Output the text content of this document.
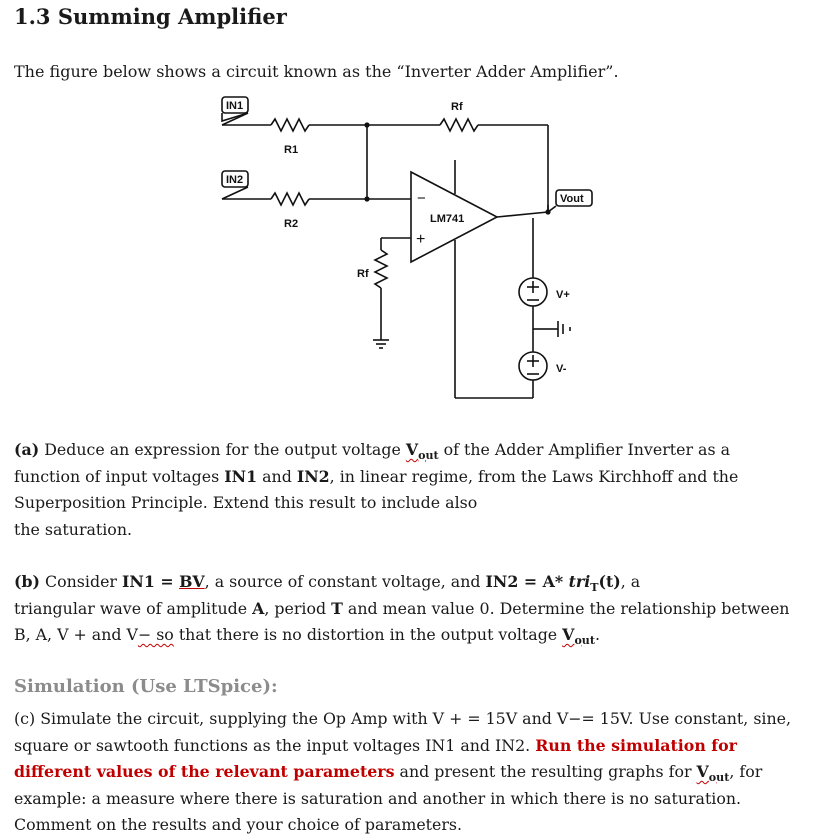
1.3 Summing Amplifier
The figure below shows a circuit known as the “Inverter Adder Amplifier”.
IN1
IN2
R1
R2
Rf
Rf
LM741
−
+
Vout
V+
V-
(a) Deduce an expression for the output voltage $V_{out}$ of the Adder Amplifier Inverter as a
function of input voltages IN1 and IN2, in linear regime, from the Laws Kirchhoff and the
Superposition Principle. Extend this result to include also
the saturation.
(b) Consider IN1 = BV, a source of constant voltage, and IN2 = A* tri$_T$(t), a
triangular wave of amplitude A, period T and mean value 0. Determine the relationship between
B, A, V + and V− so that there is no distortion in the output voltage $V_{out}$.
Simulation (Use LTSpice):
(c) Simulate the circuit, supplying the Op Amp with V + = 15V and V−= 15V. Use constant, sine,
square or sawtooth functions as the input voltages IN1 and IN2. Run the simulation for
different values of the relevant parameters and present the resulting graphs for $V_{out}$, for
example: a measure where there is saturation and another in which there is no saturation.
Comment on the results and your choice of parameters.
